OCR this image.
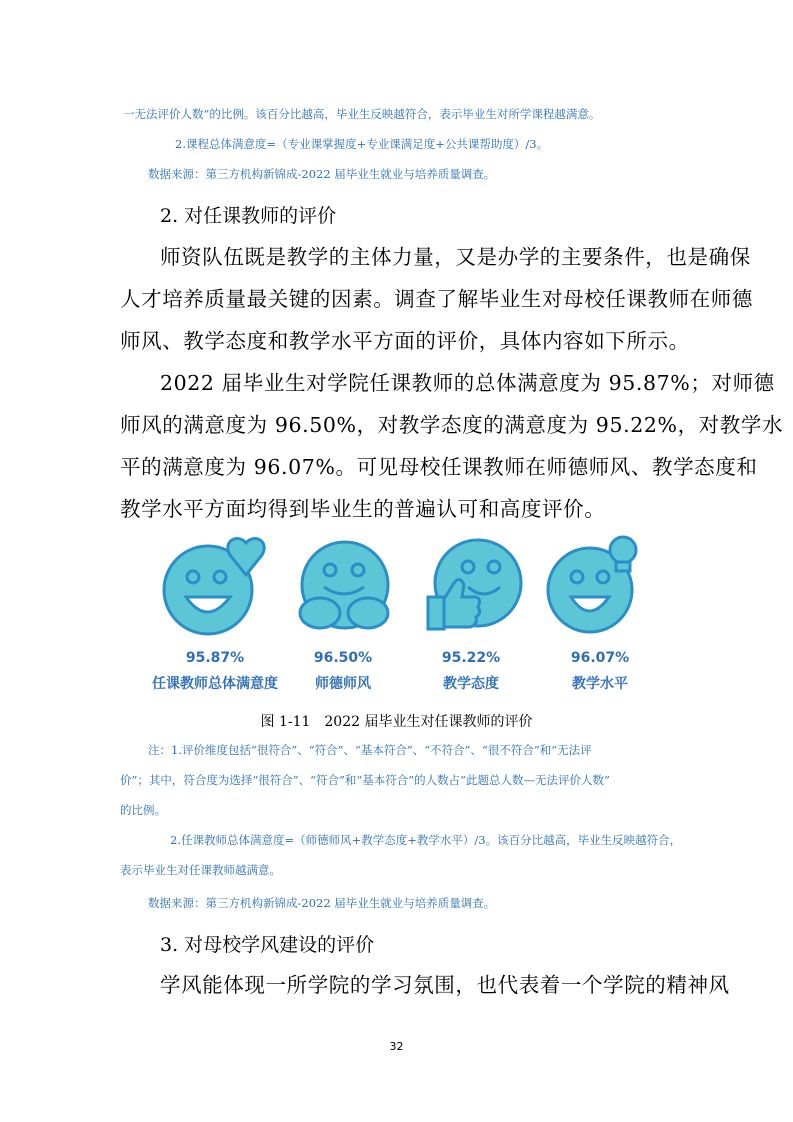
一无法评价人数”的比例。该百分比越高，毕业生反映越符合，表示毕业生对所学课程越满意。
2.课程总体满意度=（专业课掌握度+专业课满足度+公共课帮助度）/3。
数据来源：第三方机构新锦成-2022 届毕业生就业与培养质量调查。
2. 对任课教师的评价
师资队伍既是教学的主体力量，又是办学的主要条件，也是确保
人才培养质量最关键的因素。调查了解毕业生对母校任课教师在师德
师风、教学态度和教学水平方面的评价，具体内容如下所示。
2022 届毕业生对学院任课教师的总体满意度为 95.87%；对师德
师风的满意度为 96.50%，对教学态度的满意度为 95.22%，对教学水
平的满意度为 96.07%。可见母校任课教师在师德师风、教学态度和
教学水平方面均得到毕业生的普遍认可和高度评价。
95.87%
任课教师总体满意度
96.50%
师德师风
95.22%
教学态度
96.07%
教学水平
图 1-11　2022 届毕业生对任课教师的评价
注：1.评价维度包括“很符合”、“符合”、“基本符合”、“不符合”、“很不符合”和“无法评
价”；其中，符合度为选择“很符合”、“符合”和“基本符合”的人数占“此题总人数—无法评价人数”
的比例。
2.任课教师总体满意度=（师德师风+教学态度+教学水平）/3。该百分比越高，毕业生反映越符合，
表示毕业生对任课教师越满意。
数据来源：第三方机构新锦成-2022 届毕业生就业与培养质量调查。
3. 对母校学风建设的评价
学风能体现一所学院的学习氛围，也代表着一个学院的精神风
32
